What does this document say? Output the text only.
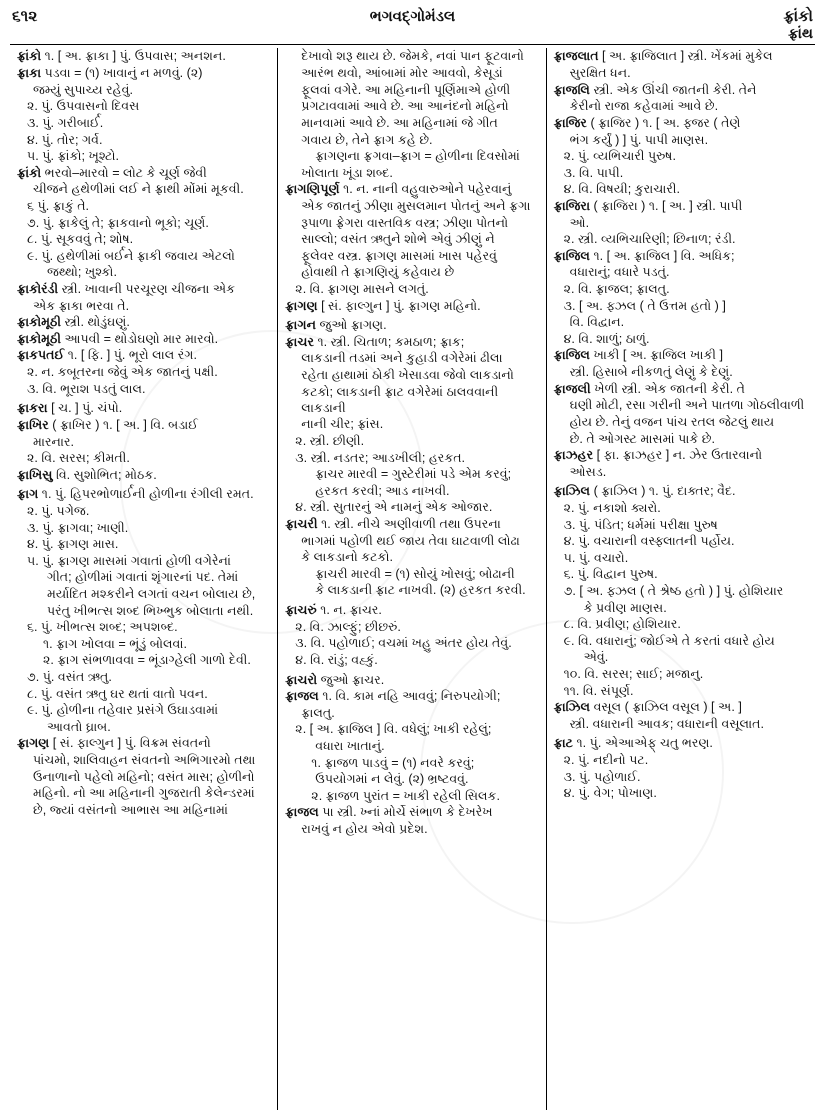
૬૧૨	ભગવદ્ગોમંડલ	ફ્રાંકો
ફ્રાંથ

ફ્રાંકો ૧. [ અ. ફ્રાકા ] પું. ઉપવાસ; અનશન.

ફ્રાકા પડવા = (૧) ખાવાનું ન મળવું. (૨)

જમ્યું સુપાચ્ય રહેવું.

૨. પું. ઉપવાસનો દિવસ

૩. પું. ગરીબાર્ઈ.

૪. પું. તોર; ગર્વ.

૫. પું. ફ્રાંકો; ખૂશ્ટો.

ફ્રાંકો ભરવો–મારવો = લોટ કે ચૂર્ણ જેવી

ચીજને હથેળીમાં લઈ ને ફ્રાથી મોંમાં મૂકવી.

૬ પું. ફ્રાકું તે.

૭. પું. ફ્રાકેલું તે; ફ્રાકવાનો ભૂકો; ચૂર્ણ.

૮. પું. સૂકવવું તે; શોષ.

૯. પું. હથેળીમાં બર્ઈને ફ્રાકી જવાય એટલો

જથ્થો; ખુશ્કો.

ફ્રાકોરંડી સ્ત્રી. ખાવાની પરચૂરણ ચીજના એક

એક ફ્રાકા ભરવા તે.

ફ્રાકોમૂઠી સ્ત્રી. થોડુંઘણું.

ફ્રાકોમૂઠી આપવી = થોડોઘણો માર મારવો.

ફ્રાકપતઈ ૧. [ ફિ. ] પું. ભૂરો લાલ રંગ.

૨. ન. કબૂતરના જેવું એક જાતનું પક્ષી.

૩. વિ. ભૂરાશ પડતું લાલ.

ફ્રાકરા [ ચ. ] પું. ચંપો.

ફ્રાખિર ( ફ્રાખિર ) ૧. [ અ. ] વિ. બડાઈ

મારનાર.

૨. વિ. સરસ; કીમતી.

ફ્રાખિસુ વિ. સુશોભિત; મોઠક.

ફ્રાગ ૧. પું. હિપરભોળાર્ઈની હોળીના રંગીલી રમત.

૨. પું. પગેજ.

૩. પું. ફ્રાગવા; ખાણી.

૪. પું. ફ્રાગણ માસ.

૫. પું. ફ્રાગણ માસમાં ગવાતાં હોળી વગેરેનાં

ગીત; હોળીમાં ગવાતાં શૃંગારનાં પદ. તેમાં

મર્યાદિત મશ્કરીને લગતાં વચન બોલાય છે,

પરંતુ ખીભત્સ શબ્દ ભિખ્ભુક બોલાતા નથી.

૬. પું. ખીભત્સ શબ્દ; અપશબ્દ.

૧. ફ્રાગ ખોલવા = ભૂંડું બોલવાં.

૨. ફ્રાગ સંભળાવવા = ભૂંડાગ્હેલી ગાળો દેવી.

૭. પું. વસંત ઋતુ.

૮. પું. વસંત ઋતુ ઘર થતાં વાતો પવન.

૯. પું. હોળીના તહેવાર પ્રસંગે ઉઘાડવામાં

આવતો ઘ્રાબ.

ફ્રાગણ [ સં. ફાલ્ગુન ] પું. વિક્રમ સંવતનો

પાંચમો, શાલિવાહન સંવતનો અભિગારમો તથા

ઉનાળાનો પહેલો મહિનો; વસંત માસ; હોળીનો

મહિનો. નો આ મહિનાની ગુજરાતી કેલેન્ડરમાં

છે, જ્યાં વસંતનો આભાસ આ મહિનામાં

દેખાવો શરૂ થાય છે. જેમકે, નવાં પાન ફૂટવાનો

આરંભ થવો, આંબામાં મોર આવવો, કેસૂડાં

ફૂલવાં વગેરે. આ મહિનાની પૂર્ણિમાએ હોળી

પ્રગટાવવામાં આવે છે. આ આનંદનો મહિનો

માનવામાં આવે છે. આ મહિનામાં જે ગીત

ગવાય છે, તેને ફ્રાગ કહે છે.

ફ્રાગણના ફ્રગવા–ફ્રાગ = હોળીના દિવસોમાં

ખોલાતા ખૂંડા શબ્દ.

ફ્રાગણિપૂર્ણ ૧. ન. નાની વહુવારુઓને પહેરવાનું

એક જાતનું ઝીણા મુસલમાન પોતનું અને ફ્રગા

રૂપાળા ફ્રેગરા વાસ્તવિક વસ્ત્ર; ઝીણા પોતનો

સાલ્લો; વસંત ઋતુને શોભે એવું ઝીણું ને

ફૂલેવર વસ્ત્ર. ફ્રાગણ માસમાં ખાસ પહેરવું

હોવાથી તે ફ્રાગણિયું કહેવાય છે

૨. વિ. ફ્રાગણ માસને લગતું.

ફ્રાગણ [ સં. ફાલ્ગુન ] પું. ફ્રાગણ મહિનો.

ફ્રાગન જુઓ ફ્રાગણ.

ફ્રાચર ૧. સ્ત્રી. ચિતાળ; કમઠાળ; ફ્રાક;

લાકડાની તડમાં અને કુહાડી વગેરેમાં ઢીલા

રહેતા હાથામાં ઠોકી ખેસાડવા જેવો લાકડાનો

કટકો; લાકડાની ફ્રાટ વગેરેમાં ઠાલવવાની લાકડાની

નાની ચીર; ફ્રાંસ.

૨. સ્ત્રી. છીણી.

૩. સ્ત્રી. નડતર; આડખીલી; હરકત.

ફ્રાચર મારવી = ગુસ્ટેરીમાં પડે એમ કરવું;

હરકત કરવી; આડ નાખવી.

૪. સ્ત્રી. સુતારનું એ નામનું એક ઓજાર.

ફ્રાચરી ૧. સ્ત્રી. નીચે અણીવાળી તથા ઉપરના

ભાગમાં પહોળી થઈ જાય તેવા ઘાટવાળી લોઢા

કે લાકડાનો કટકો.

ફ્રાચરી મારવી = (૧) સોયું ખોસવું; બોઢાની

કે લાકડાની ફ્રાટ નાખવી. (૨) હરકત કરવી.

ફ્રાચરું ૧. ન. ફ્રાચર.

૨. વિ. ઝાલ્ફું; છીછરું.

૩. વિ. પહોળાઈ; વચમાં ખહુ અંતર હોય તેવું.

૪. વિ. રાંડું; વહ્કું.

ફ્રાચરો જુઓ ફ્રાચર.

ફ્રાજલ ૧. વિ. કામ નહિ આવવું; નિરુપયોગી;

ફ્રાલતુ.

૨. [ અ. ફ્રાજિલ ] વિ. વધેલું; ખાકી રહેલું;

વધારા ખાતાનું.

૧. ફ્રાજળ પાડવું = (૧) નવરે કરવું;

ઉપયોગમાં ન લેવું. (૨) ભ્રષ્ટવવું.

૨. ફ્રાજળ પુરાંત = ખાકી રહેલી સિલક.

ફ્રાજલ પા સ્ત્રી. ખ્નાં મોર્ચે સંભાળ કે દેખરેખ

રાખવું ન હોય એવો પ્રદેશ.

ફ્રાજલાત [ અ. ફ્રાજિલાત ] સ્ત્રી. ખેંકમાં મુકેલ

સુરક્ષિત ધન.

ફ્રાજલિ સ્ત્રી. એક ઊંચી જાતની કેરી. તેને

કેરીનો રાજા કહેવામાં આવે છે.

ફ્રાજિર ( ફ્રાજિર ) ૧. [ અ. ફ્જર ( તેણે

ભંગ કર્યું ) ] પું. પાપી માણસ.

૨. પું. વ્યભિચારી પુરુષ.

૩. વિ. પાપી.

૪. વિ. વિષયી; કુરાચારી.

ફ્રાજિરા ( ફ્રાજિરા ) ૧. [ અ. ] સ્ત્રી. પાપી

ઓ.

૨. સ્ત્રી. વ્યભિચારિણી; છિનાળ; રંડી.

ફ્રાજિલ ૧. [ અ. ફ્રાજિલ ] વિ. અધિક;

વધારાનું; વધારે પડતું.

૨. વિ. ફ્રાજલ; ફ્રાલતુ.

૩. [ અ. ફ્ઝલ ( તે ઉત્તમ હતો ) ]

વિ. વિદ્વાન.

૪. વિ. શાળું; ઠાળું.

ફ્રાજિલ ખાકી [ અ. ફ્રાજિલ ખાકી ]

સ્ત્રી. હિસાબે નીકળતું લેણું કે દેણું.

ફ્રાજલી ખેળી સ્ત્રી. એક જાતની કેરી. તે

ઘણી મોટી, રસા ગરીની અને પાતળા ગોઠલીવાળી

હોય છે. તેનું વજન પાંચ રતલ જેટલું થાય

છે. તે ઓગસ્ટ માસમાં પાકે છે.

ફ્રાઝહર [ ફા. ફ્રાઝહર ] ન. ઝેર ઉતારવાનો

ઓસડ.

ફ્રાઝિલ ( ફ્રાઝિલ ) ૧. પું. દાક્તર; વૈદ.

૨. પું. નકાશો ક્યરો.

૩. પું. પંડિત; ધર્મમાં પરીક્ષા પુરુષ

૪. પું. વચારાની વસ્ફ્લાતની પર્હોય.

૫. પું. વચારો.

૬. પું. વિદ્વાન પુરુષ.

૭. [ અ. ફ્ઝલ ( તે શ્રેષ્ઠ હતો ) ] પું. હોશિયાર

કે પ્રવીણ માણસ.

૮. વિ. પ્રવીણ; હોશિયાર.

૯. વિ. વધારાનું; જોઈએ તે કરતાં વધારે હોય

એવું.

૧૦. વિ. સરસ; સાઈ; મજાનુ.

૧૧. વિ. સંપૂર્ણ.

ફ્રાઝિલ વસૂલ ( ફ્રાઝિલ વસૂલ ) [ અ. ]

સ્ત્રી. વધારાની આવક; વધારાની વસૂલાત.

ફ્રાટ ૧. પું. એઆએફ્ ચતુ ભરણ.

૨. પું. નદીનો પટ.

૩. પું. પહોળાઈ.

૪. પું. વેગ; પોખાણ.
